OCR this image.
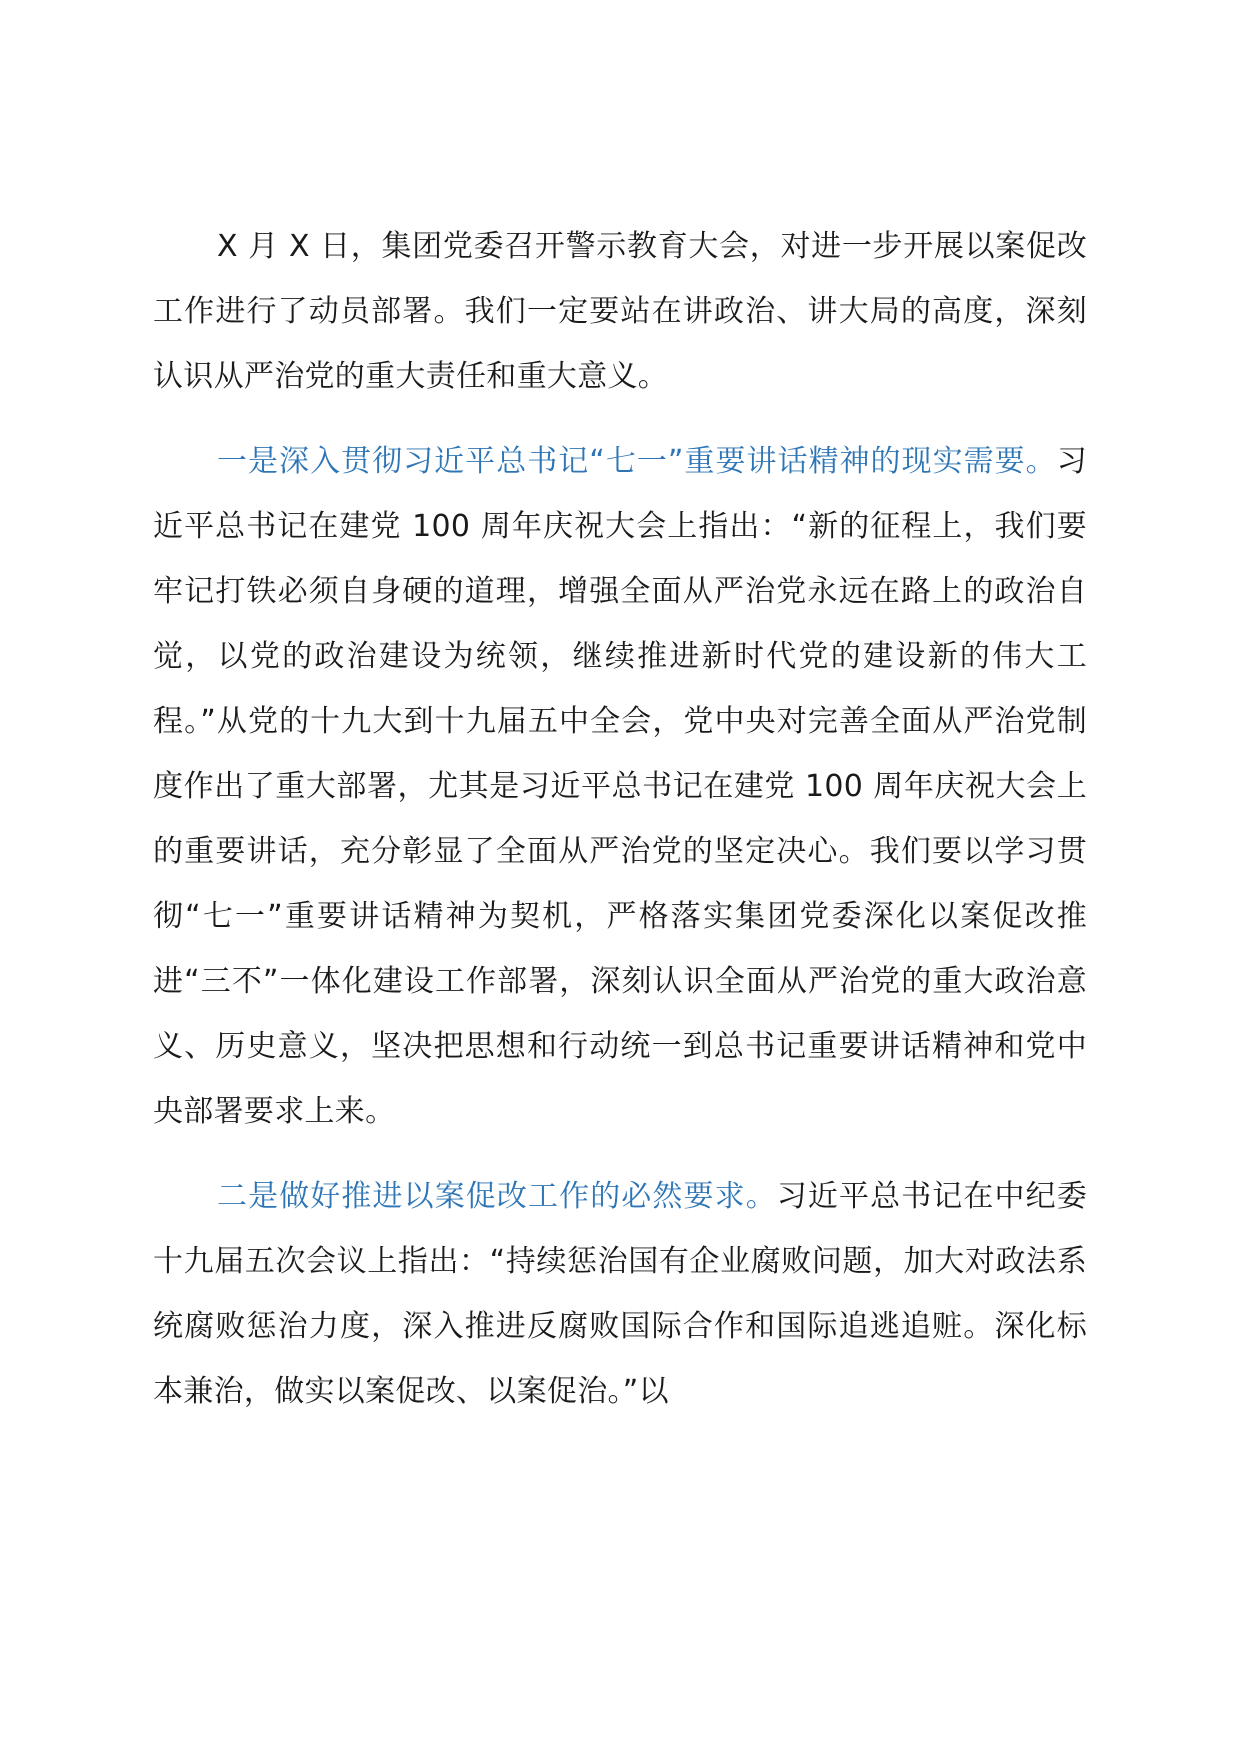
X 月 X 日，集团党委召开警示教育大会，对进一步开展以案促改工作进行了动员部署。我们一定要站在讲政治、讲大局的高度，深刻认识从严治党的重大责任和重大意义。

一是深入贯彻习近平总书记“七一”重要讲话精神的现实需要。习近平总书记在建党 100 周年庆祝大会上指出：“新的征程上，我们要牢记打铁必须自身硬的道理，增强全面从严治党永远在路上的政治自觉，以党的政治建设为统领，继续推进新时代党的建设新的伟大工程。”从党的十九大到十九届五中全会，党中央对完善全面从严治党制度作出了重大部署，尤其是习近平总书记在建党 100 周年庆祝大会上的重要讲话，充分彰显了全面从严治党的坚定决心。我们要以学习贯彻“七一”重要讲话精神为契机，严格落实集团党委深化以案促改推进“三不”一体化建设工作部署，深刻认识全面从严治党的重大政治意义、历史意义，坚决把思想和行动统一到总书记重要讲话精神和党中央部署要求上来。

二是做好推进以案促改工作的必然要求。习近平总书记在中纪委十九届五次会议上指出：“持续惩治国有企业腐败问题，加大对政法系统腐败惩治力度，深入推进反腐败国际合作和国际追逃追赃。深化标本兼治，做实以案促改、以案促治。”以
